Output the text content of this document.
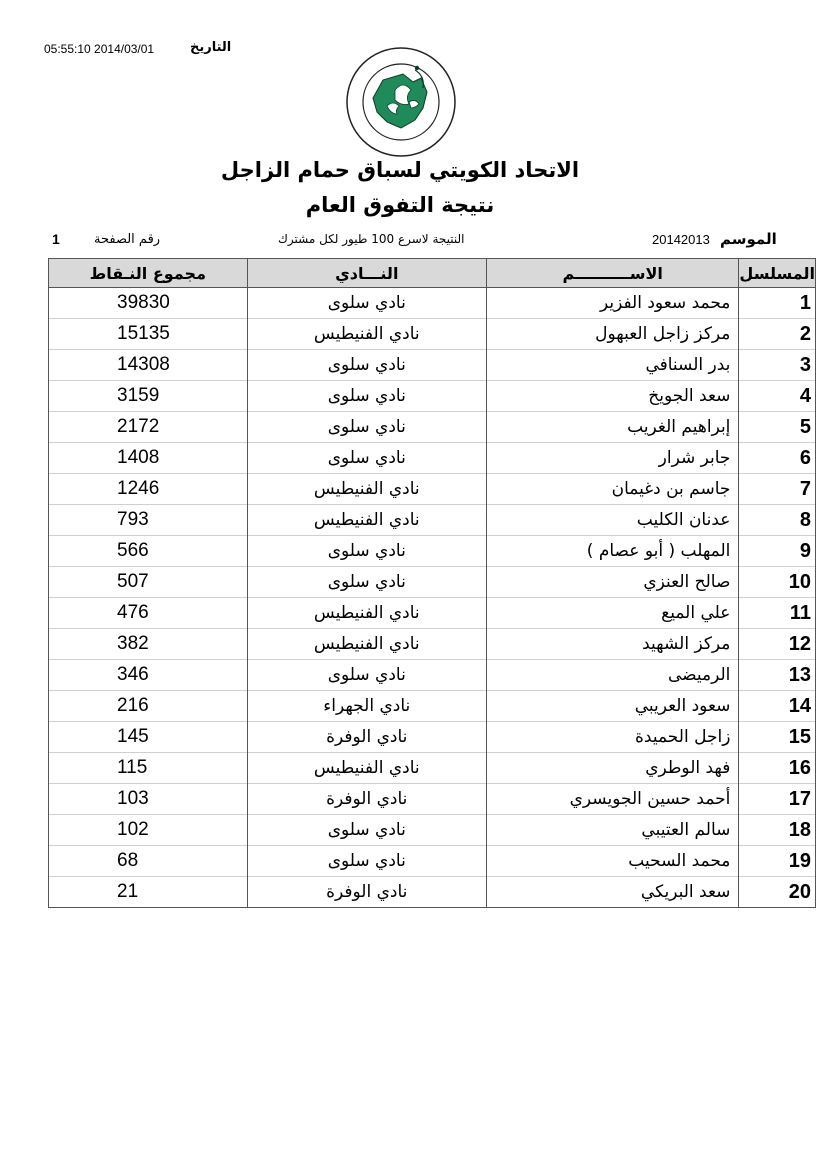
05:55:10 2014/03/01	التاريخ
الاتحاد الكويتي لسباق حمام الزاجل
نتيجة التفوق العام
1	رقم الصفحة	النتيجة لاسرع 100 طيور لكل مشترك	20142013 الموسم
المسلسل	الاســــــــــم	النـــادي	مجموع النـقاط
1	محمد سعود الفزير	نادي سلوى	39830
2	مركز زاجل العبهول	نادي الفنيطيس	15135
3	بدر السنافي	نادي سلوى	14308
4	سعد الجويخ	نادي سلوى	3159
5	إبراهيم الغريب	نادي سلوى	2172
6	جابر شرار	نادي سلوى	1408
7	جاسم بن دغيمان	نادي الفنيطيس	1246
8	عدنان الكليب	نادي الفنيطيس	793
9	المهلب ( أبو عصام )	نادي سلوى	566
10	صالح العنزي	نادي سلوى	507
11	علي الميع	نادي الفنيطيس	476
12	مركز الشهيد	نادي الفنيطيس	382
13	الرميضى	نادي سلوى	346
14	سعود العريبي	نادي الجهراء	216
15	زاجل الحميدة	نادي الوفرة	145
16	فهد الوطري	نادي الفنيطيس	115
17	أحمد حسين الجويسري	نادي الوفرة	103
18	سالم العتيبي	نادي سلوى	102
19	محمد السحيب	نادي سلوى	68
20	سعد البريكي	نادي الوفرة	21
